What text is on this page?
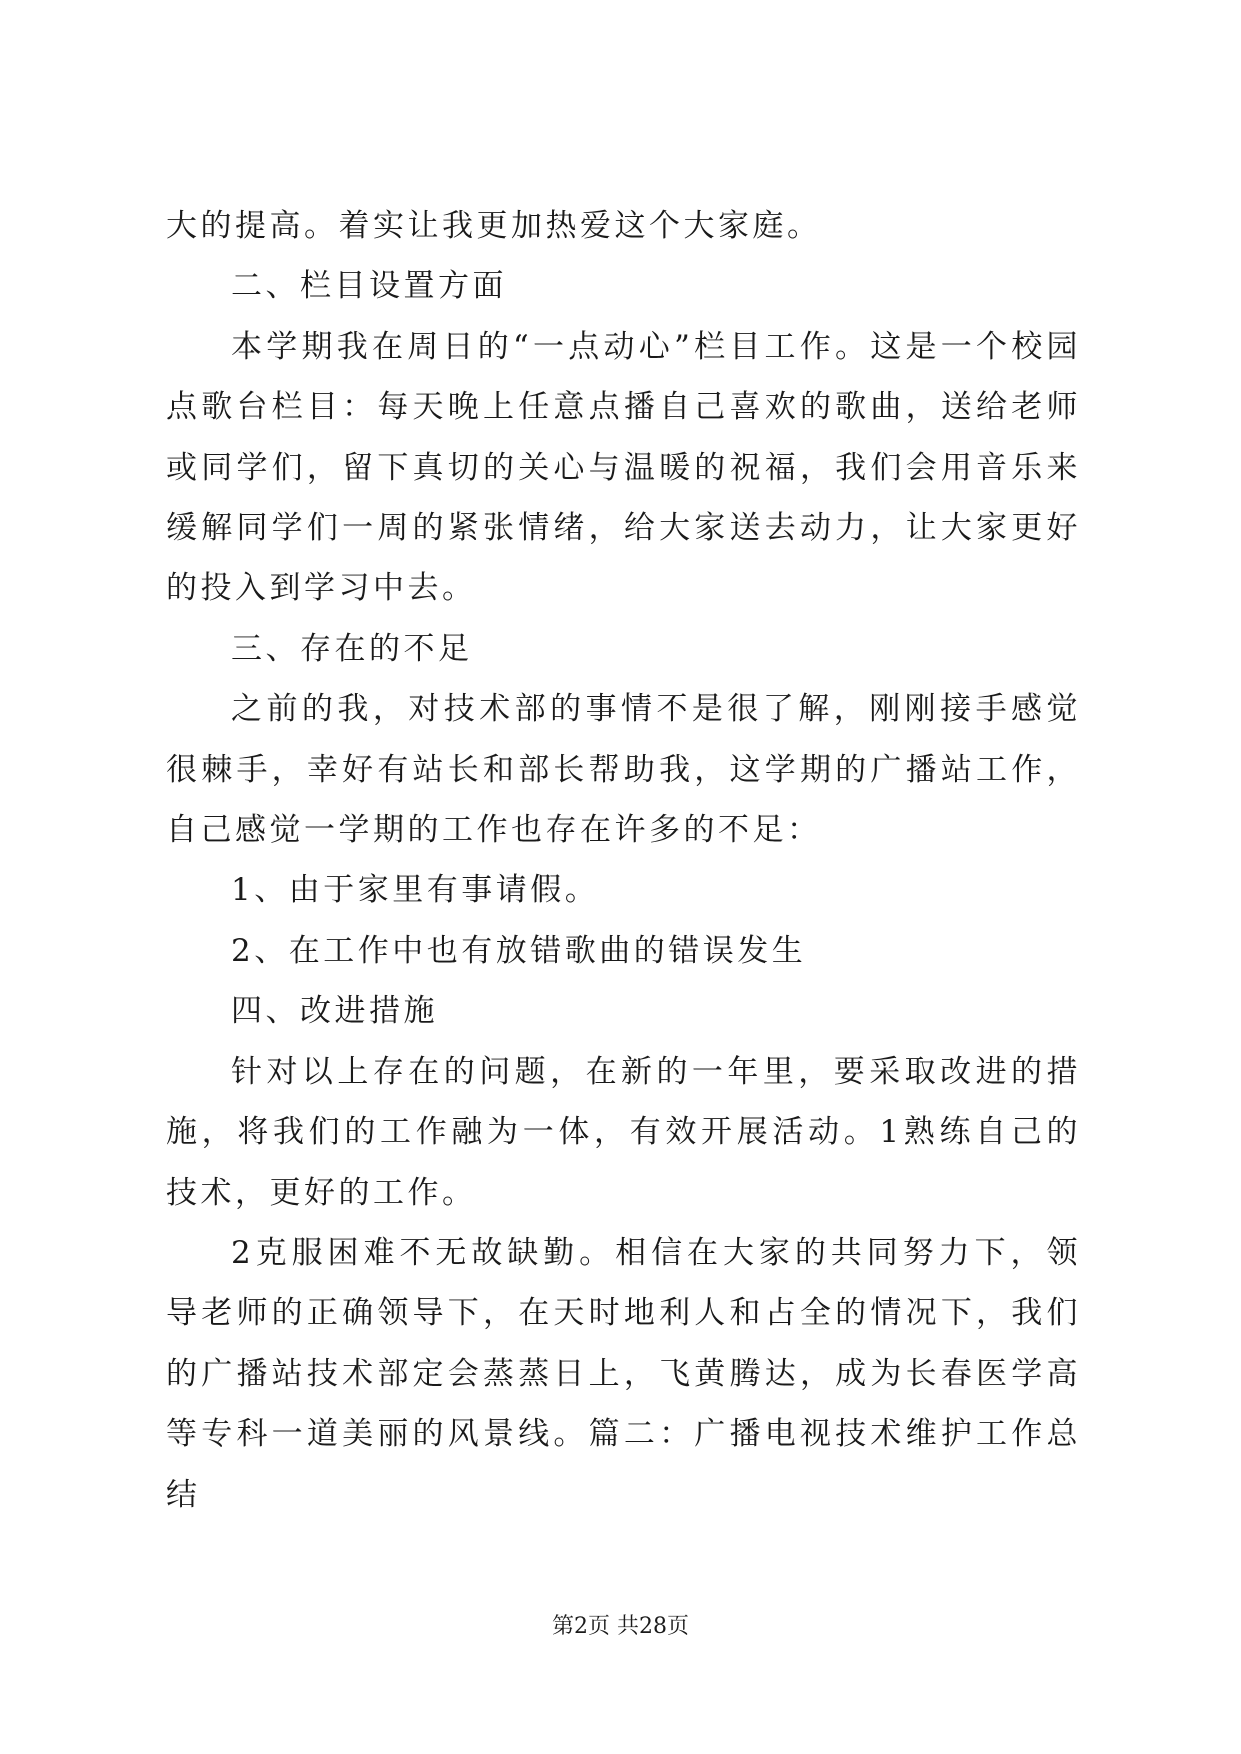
大的提高。着实让我更加热爱这个大家庭。

二、栏目设置方面

本学期我在周日的“一点动心”栏目工作。这是一个校园点歌台栏目：每天晚上任意点播自己喜欢的歌曲，送给老师或同学们，留下真切的关心与温暖的祝福，我们会用音乐来缓解同学们一周的紧张情绪，给大家送去动力，让大家更好的投入到学习中去。

三、存在的不足

之前的我，对技术部的事情不是很了解，刚刚接手感觉很棘手，幸好有站长和部长帮助我，这学期的广播站工作，自己感觉一学期的工作也存在许多的不足：

1、由于家里有事请假。

2、在工作中也有放错歌曲的错误发生

四、改进措施

针对以上存在的问题，在新的一年里，要采取改进的措施，将我们的工作融为一体，有效开展活动。1熟练自己的技术，更好的工作。

2克服困难不无故缺勤。相信在大家的共同努力下，领导老师的正确领导下，在天时地利人和占全的情况下，我们的广播站技术部定会蒸蒸日上，飞黄腾达，成为长春医学高等专科一道美丽的风景线。篇二：广播电视技术维护工作总结

第2页 共28页
